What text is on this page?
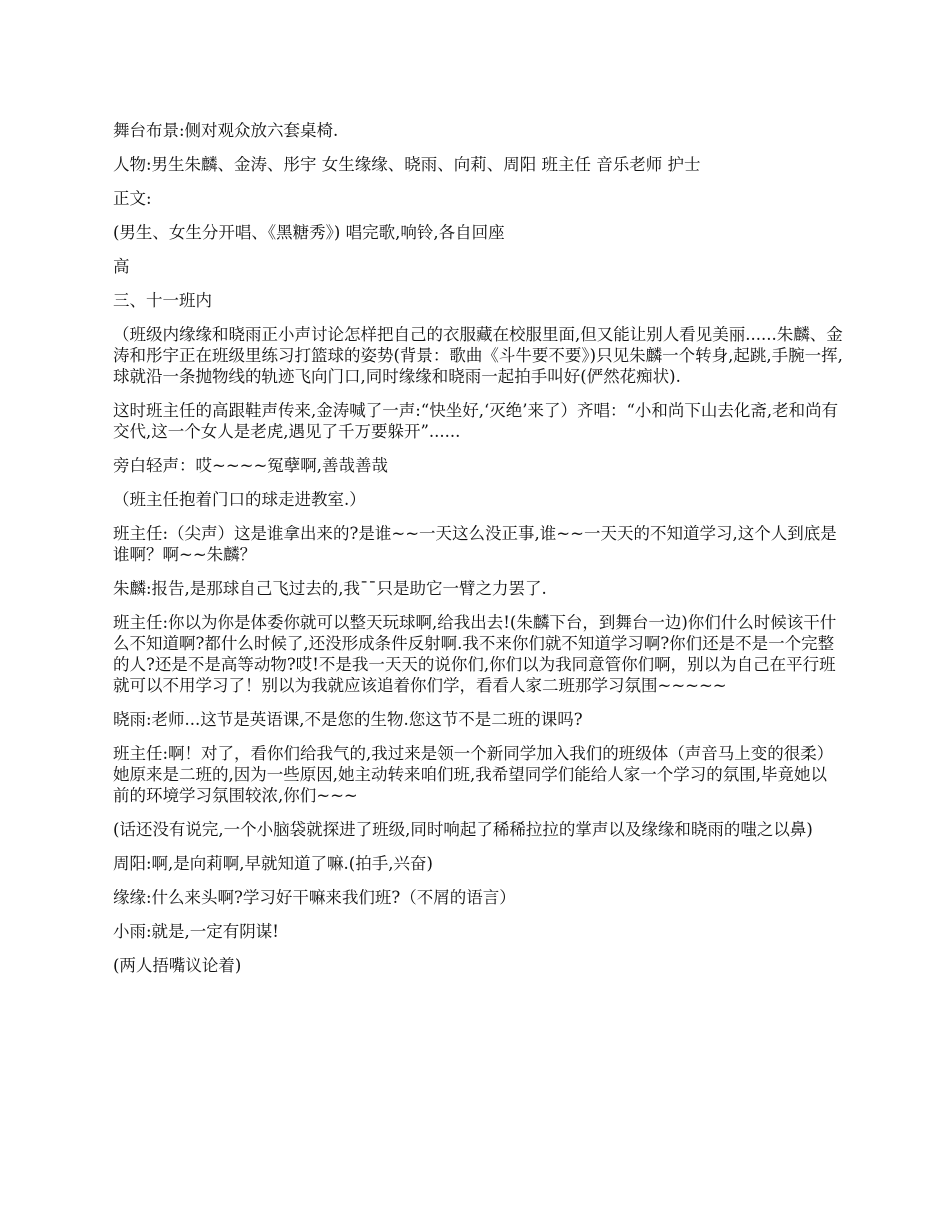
舞台布景:侧对观众放六套桌椅.

人物:男生朱麟、金涛、彤宇 女生缘缘、晓雨、向莉、周阳 班主任 音乐老师 护士

正文:

(男生、女生分开唱、《黑糖秀》) 唱完歌,响铃,各自回座

高

三、十一班内

（班级内缘缘和晓雨正小声讨论怎样把自己的衣服藏在校服里面,但又能让别人看见美丽......朱麟、金涛和彤宇正在班级里练习打篮球的姿势(背景：歌曲《斗牛要不要》)只见朱麟一个转身,起跳,手腕一挥,球就沿一条抛物线的轨迹飞向门口,同时缘缘和晓雨一起拍手叫好(俨然花痴状).

这时班主任的高跟鞋声传来,金涛喊了一声:“快坐好,‘灭绝’来了）齐唱：“小和尚下山去化斋,老和尚有交代,这一个女人是老虎,遇见了千万要躲开”......

旁白轻声：哎~~~~冤孽啊,善哉善哉

（班主任抱着门口的球走进教室.）

班主任:（尖声）这是谁拿出来的?是谁~~一天这么没正事,谁~~一天天的不知道学习,这个人到底是谁啊？啊~~朱麟？

朱麟:报告,是那球自己飞过去的,我¯¯只是助它一臂之力罢了.

班主任:你以为你是体委你就可以整天玩球啊,给我出去!(朱麟下台，到舞台一边)你们什么时候该干什么不知道啊?都什么时候了,还没形成条件反射啊.我不来你们就不知道学习啊?你们还是不是一个完整的人?还是不是高等动物?哎!不是我一天天的说你们,你们以为我同意管你们啊，别以为自己在平行班就可以不用学习了！别以为我就应该追着你们学，看看人家二班那学习氛围~~~~~

晓雨:老师...这节是英语课,不是您的生物.您这节不是二班的课吗?

班主任:啊！对了，看你们给我气的,我过来是领一个新同学加入我们的班级体（声音马上变的很柔）她原来是二班的,因为一些原因,她主动转来咱们班,我希望同学们能给人家一个学习的氛围,毕竟她以前的环境学习氛围较浓,你们~~~

(话还没有说完,一个小脑袋就探进了班级,同时响起了稀稀拉拉的掌声以及缘缘和晓雨的嗤之以鼻)

周阳:啊,是向莉啊,早就知道了嘛.(拍手,兴奋)

缘缘:什么来头啊?学习好干嘛来我们班?（不屑的语言）

小雨:就是,一定有阴谋!

(两人捂嘴议论着)
